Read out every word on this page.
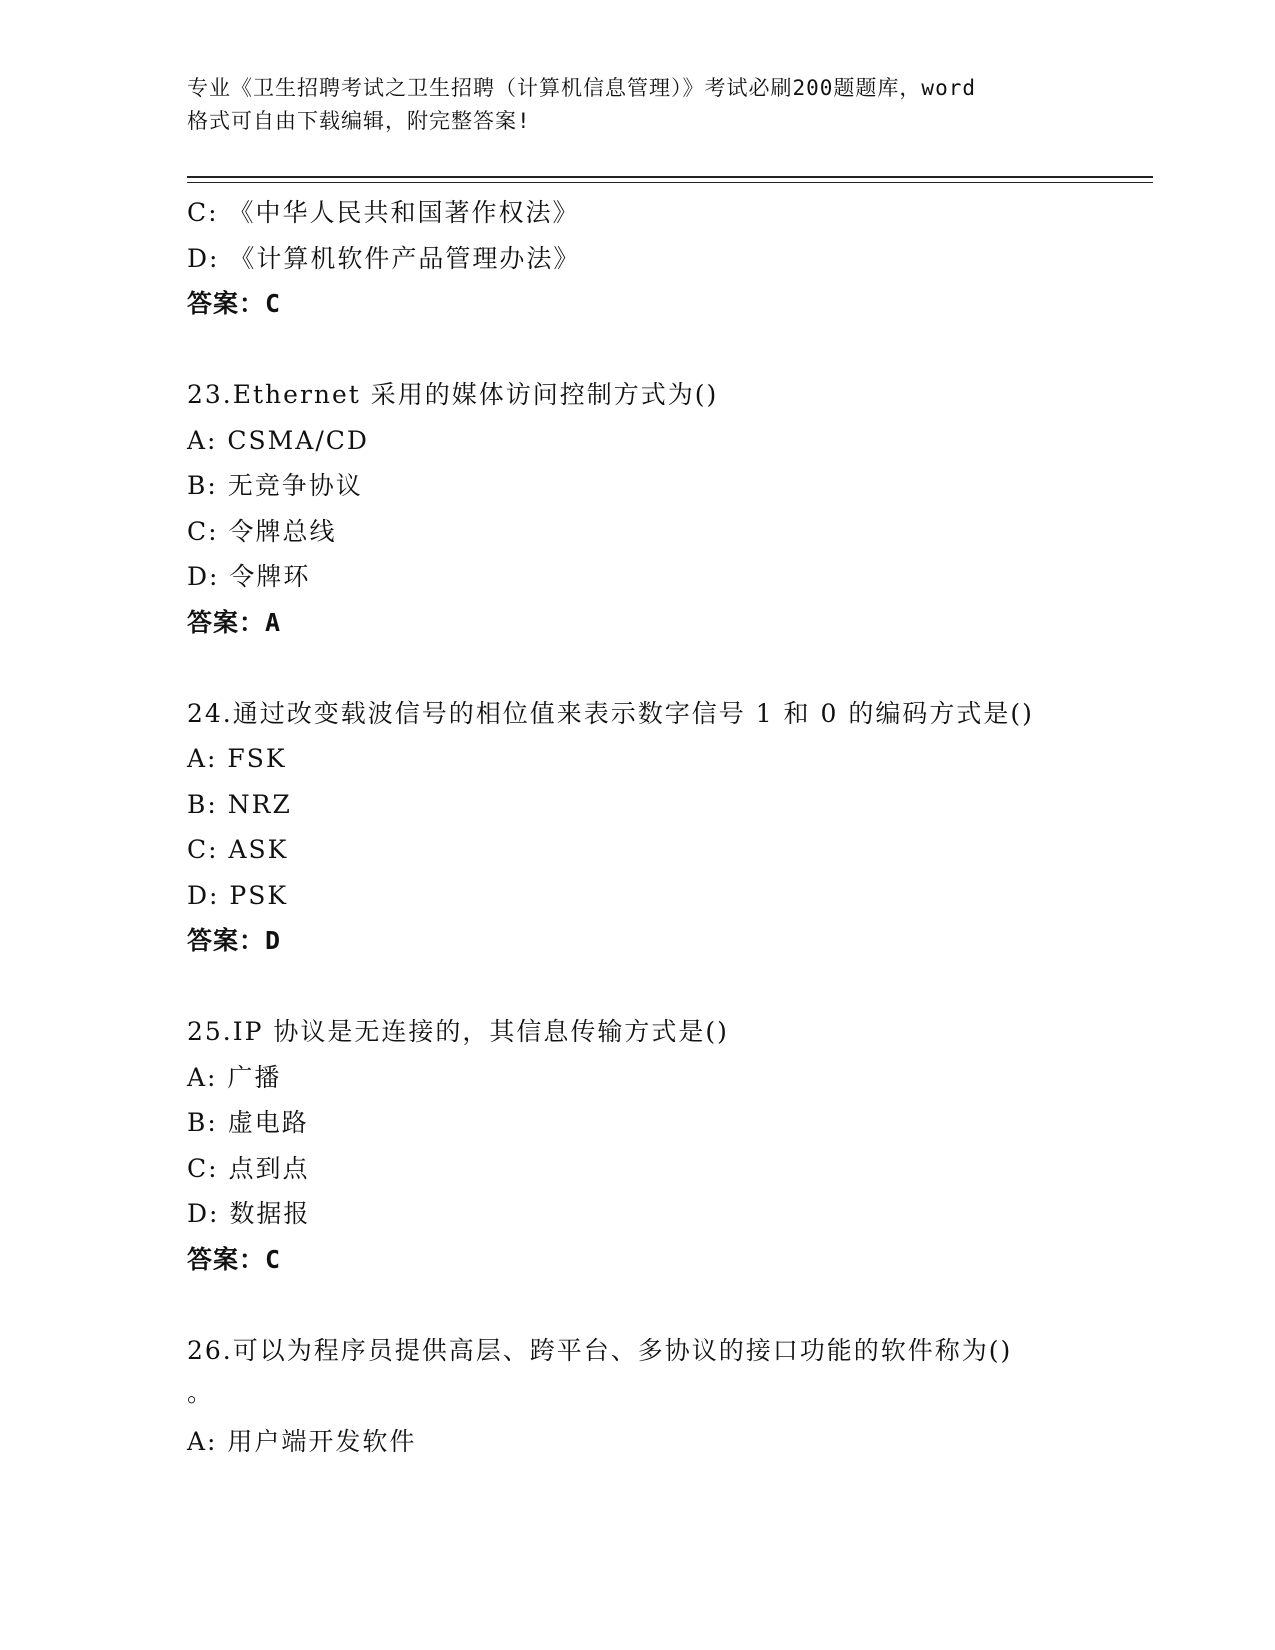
专业《卫生招聘考试之卫生招聘（计算机信息管理）》考试必刷200题题库，word
格式可自由下载编辑，附完整答案!
C: 《中华人民共和国著作权法》
D: 《计算机软件产品管理办法》
答案：C
23.Ethernet 采用的媒体访问控制方式为()
A: CSMA/CD
B: 无竞争协议
C: 令牌总线
D: 令牌环
答案：A
24.通过改变载波信号的相位值来表示数字信号 1 和 0 的编码方式是()
A: FSK
B: NRZ
C: ASK
D: PSK
答案：D
25.IP 协议是无连接的，其信息传输方式是()
A: 广播
B: 虚电路
C: 点到点
D: 数据报
答案：C
26.可以为程序员提供高层、跨平台、多协议的接口功能的软件称为()
。
A: 用户端开发软件
